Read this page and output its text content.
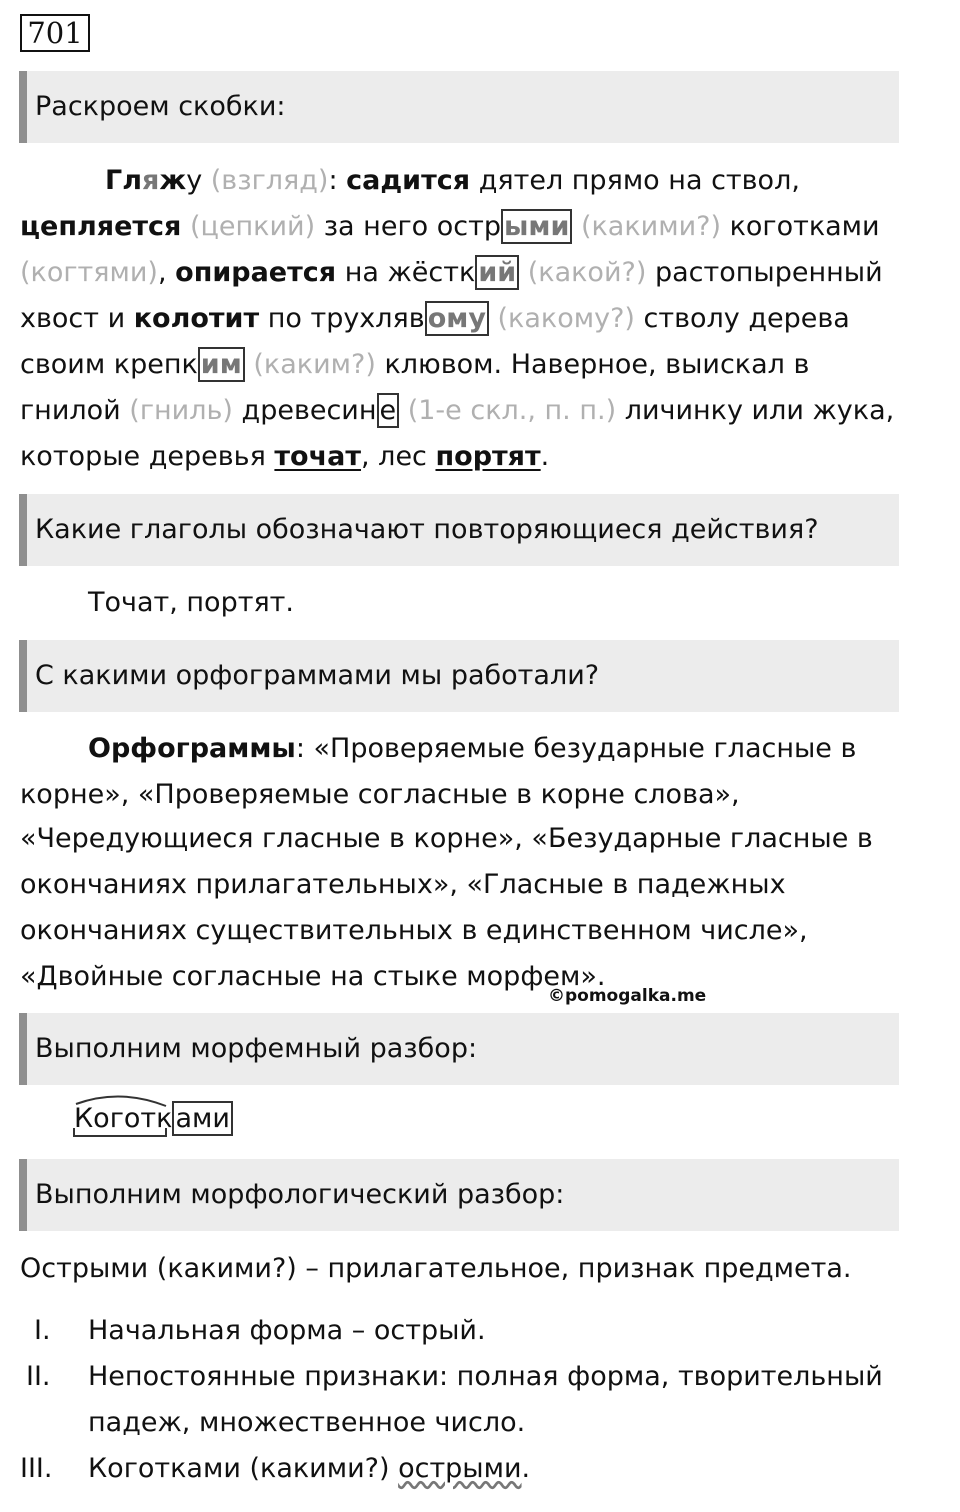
701
Раскроем скобки:
Гляжу (взгляд): садится дятел прямо на ствол,
цепляется (цепкий) за него остр ыми (какими?) коготками
(когтями), опирается на жёстк ий (какой?) растопыренный
хвост и колотит по трухляв ому (какому?) стволу дерева
своим крепк им (каким?) клювом. Наверное, выискал в
гнилой (гниль) древесин е (1-е скл., п. п.) личинку или жука,
которые деревья точат, лес портят.
Какие глаголы обозначают повторяющиеся действия?
Точат, портят.
С какими орфограммами мы работали?
Орфограммы: «Проверяемые безударные гласные в
корне», «Проверяемые согласные в корне слова»,
«Чередующиеся гласные в корне», «Безударные гласные в
окончаниях прилагательных», «Гласные в падежных
окончаниях существительных в единственном числе»,
«Двойные согласные на стыке морфем».
©pomogalka.me
Выполним морфемный разбор:
Коготк ами
Выполним морфологический разбор:
Острыми (какими?) – прилагательное, признак предмета.
I. Начальная форма – острый.
II. Непостоянные признаки: полная форма, творительный
падеж, множественное число.
III. Коготками (какими?) острыми.
